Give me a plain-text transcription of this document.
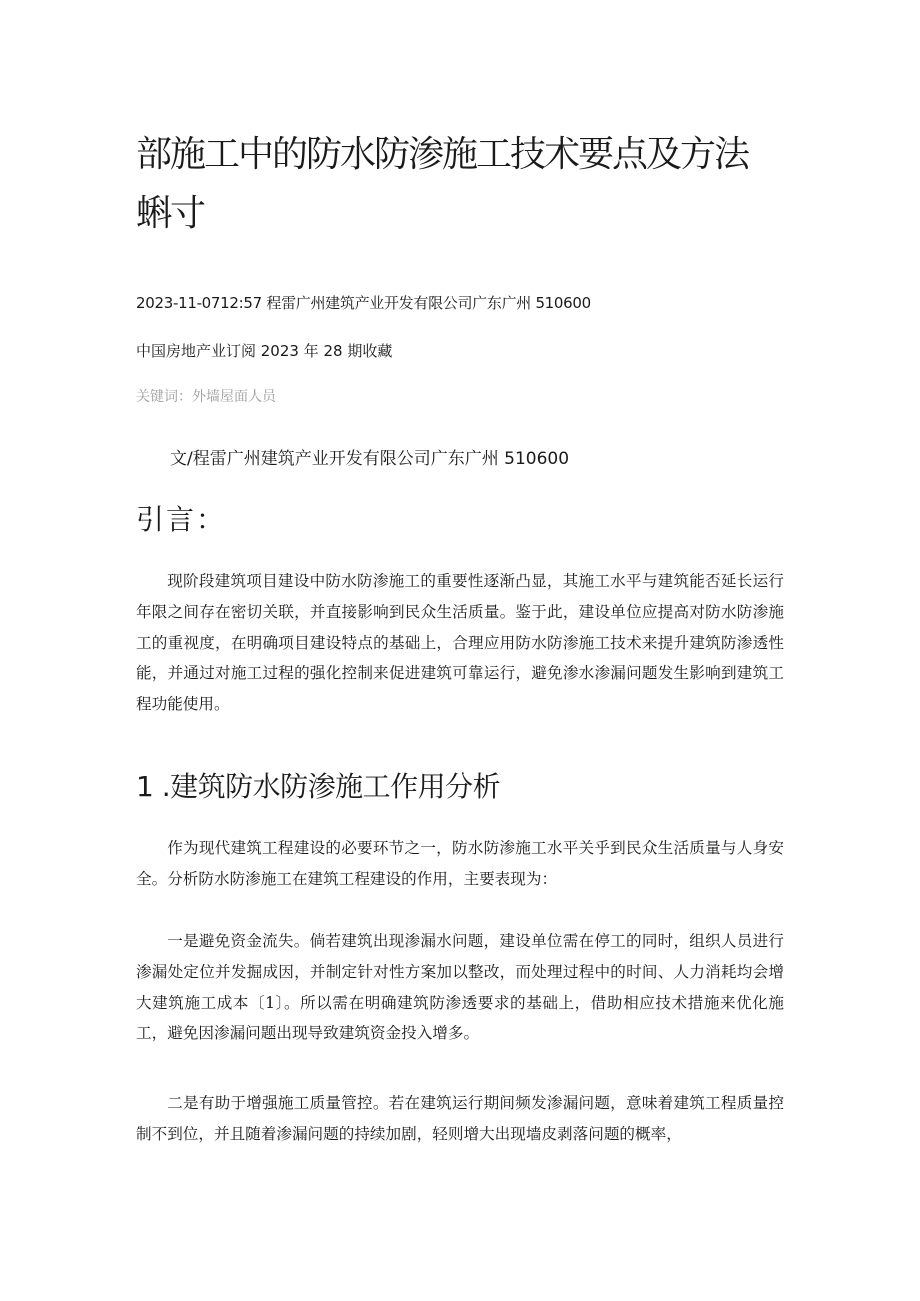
部施工中的防水防渗施工技术要点及方法
蝌寸
2023-11-0712:57 程雷广州建筑产业开发有限公司广东广州 510600
中国房地产业订阅 2023 年 28 期收藏
关键词：外墙屋面人员
文/程雷广州建筑产业开发有限公司广东广州 510600
引言：

现阶段建筑项目建设中防水防渗施工的重要性逐渐凸显，其施工水平与建筑能否延长运行年限之间存在密切关联，并直接影响到民众生活质量。鉴于此，建设单位应提高对防水防渗施工的重视度，在明确项目建设特点的基础上，合理应用防水防渗施工技术来提升建筑防渗透性能，并通过对施工过程的强化控制来促进建筑可靠运行，避免渗水渗漏问题发生影响到建筑工程功能使用。

1 .建筑防水防渗施工作用分析

作为现代建筑工程建设的必要环节之一，防水防渗施工水平关乎到民众生活质量与人身安全。分析防水防渗施工在建筑工程建设的作用，主要表现为：

一是避免资金流失。倘若建筑出现渗漏水问题，建设单位需在停工的同时，组织人员进行渗漏处定位并发掘成因，并制定针对性方案加以整改，而处理过程中的时间、人力消耗均会增大建筑施工成本〔1〕。所以需在明确建筑防渗透要求的基础上，借助相应技术措施来优化施工，避免因渗漏问题出现导致建筑资金投入增多。

二是有助于增强施工质量管控。若在建筑运行期间频发渗漏问题，意味着建筑工程质量控制不到位，并且随着渗漏问题的持续加剧，轻则增大出现墙皮剥落问题的概率，
